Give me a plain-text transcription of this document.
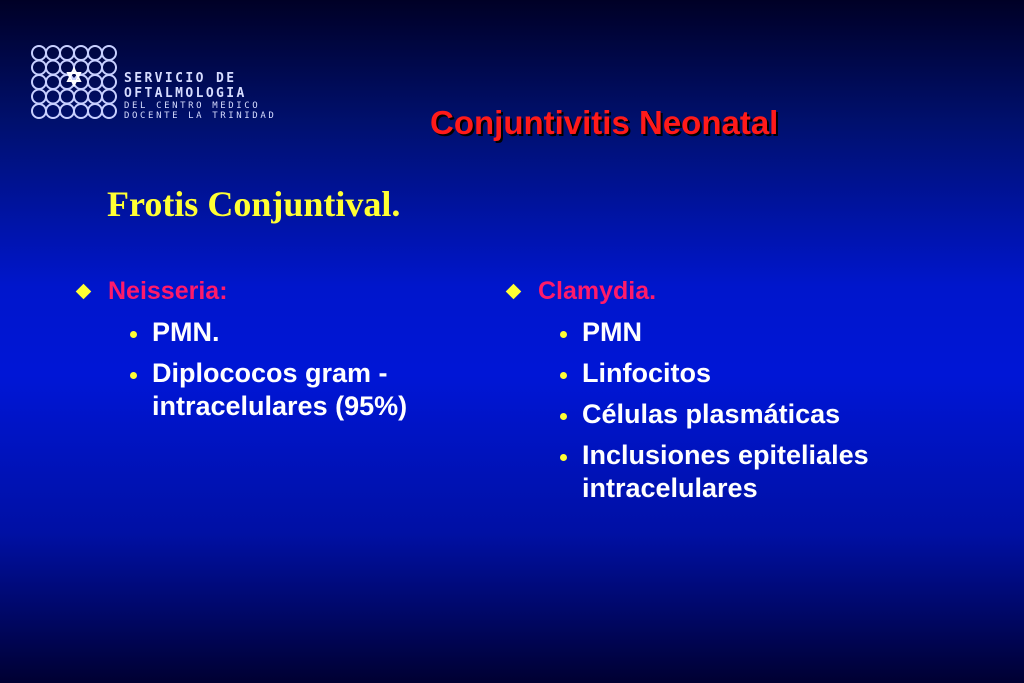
SERVICIO DE
OFTALMOLOGIA
DEL CENTRO MEDICO
DOCENTE LA TRINIDAD	Conjuntivitis Neonatal
Frotis Conjuntival.
Neisseria:
PMN.
Diplococos gram - intracelulares (95%)
Clamydia.
PMN
Linfocitos
Células plasmáticas
Inclusiones epiteliales intracelulares
